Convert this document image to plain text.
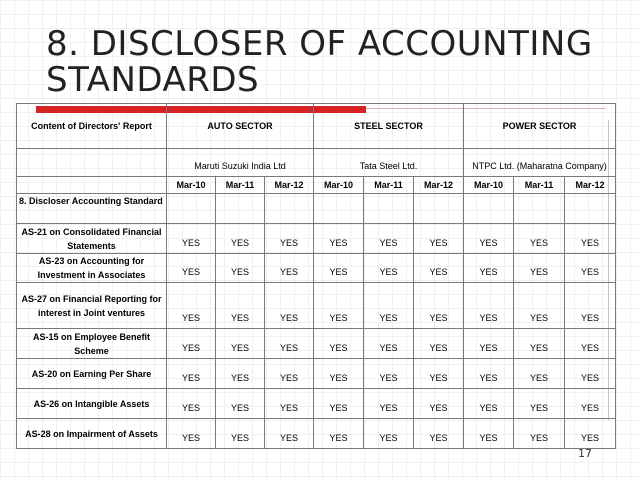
8. DISCLOSER OF ACCOUNTING STANDARDS
Content of Directors' Report	AUTO SECTOR			STEEL SECTOR			POWER SECTOR		
	Maruti Suzuki India Ltd			Tata Steel Ltd.			NTPC Ltd. (Maharatna Company)		
	Mar-10	Mar-11	Mar-12	Mar-10	Mar-11	Mar-12	Mar-10	Mar-11	Mar-12
8. Discloser Accounting Standard									
AS-21 on Consolidated Financial Statements	YES	YES	YES	YES	YES	YES	YES	YES	YES
AS-23 on Accounting for Investment in Associates	YES	YES	YES	YES	YES	YES	YES	YES	YES
AS-27 on Financial Reporting for interest in Joint ventures	YES	YES	YES	YES	YES	YES	YES	YES	YES
AS-15 on Employee Benefit Scheme	YES	YES	YES	YES	YES	YES	YES	YES	YES
AS-20 on Earning Per Share	YES	YES	YES	YES	YES	YES	YES	YES	YES
AS-26 on Intangible Assets	YES	YES	YES	YES	YES	YES	YES	YES	YES
AS-28 on Impairment of Assets	YES	YES	YES	YES	YES	YES	YES	YES	YES
17
